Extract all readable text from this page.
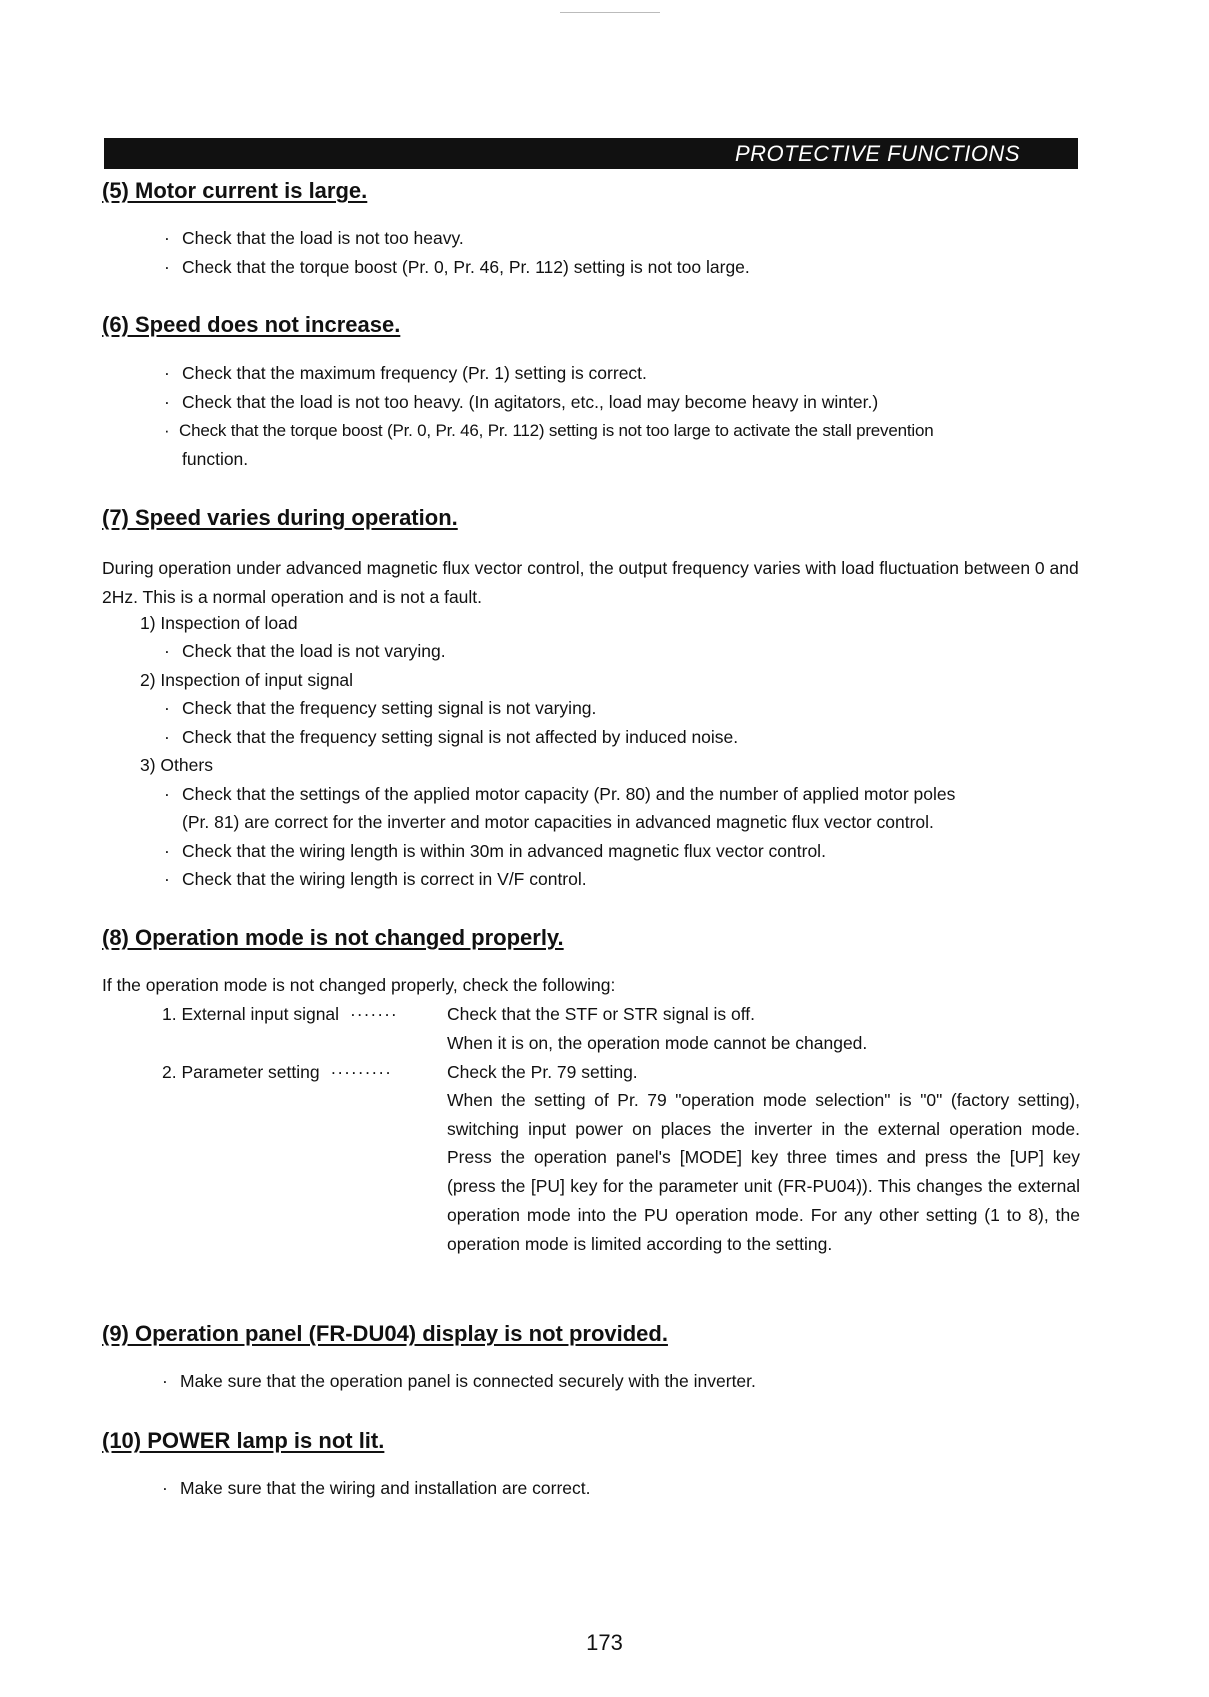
PROTECTIVE FUNCTIONS
(5) Motor current is large.
· Check that the load is not too heavy.
· Check that the torque boost (Pr. 0, Pr. 46, Pr. 112) setting is not too large.
(6) Speed does not increase.
· Check that the maximum frequency (Pr. 1) setting is correct.
· Check that the load is not too heavy. (In agitators, etc., load may become heavy in winter.)
· Check that the torque boost (Pr. 0, Pr. 46, Pr. 112) setting is not too large to activate the stall prevention
function.
(7) Speed varies during operation.
During operation under advanced magnetic flux vector control, the output frequency varies with load fluctuation between 0 and 2Hz. This is a normal operation and is not a fault.
1) Inspection of load
· Check that the load is not varying.
2) Inspection of input signal
· Check that the frequency setting signal is not varying.
· Check that the frequency setting signal is not affected by induced noise.
3) Others
· Check that the settings of the applied motor capacity (Pr. 80) and the number of applied motor poles
(Pr. 81) are correct for the inverter and motor capacities in advanced magnetic flux vector control.
· Check that the wiring length is within 30m in advanced magnetic flux vector control.
· Check that the wiring length is correct in V/F control.
(8) Operation mode is not changed properly.
If the operation mode is not changed properly, check the following:
1. External input signal ·······	Check that the STF or STR signal is off.
When it is on, the operation mode cannot be changed.
2. Parameter setting ·········	Check the Pr. 79 setting.
When the setting of Pr. 79 "operation mode selection" is "0" (factory setting), switching input power on places the inverter in the external operation mode. Press the operation panel's [MODE] key three times and press the [UP] key (press the [PU] key for the parameter unit (FR-PU04)). This changes the external operation mode into the PU operation mode. For any other setting (1 to 8), the operation mode is limited according to the setting.
(9) Operation panel (FR-DU04) display is not provided.
· Make sure that the operation panel is connected securely with the inverter.
(10) POWER lamp is not lit.
· Make sure that the wiring and installation are correct.
173
